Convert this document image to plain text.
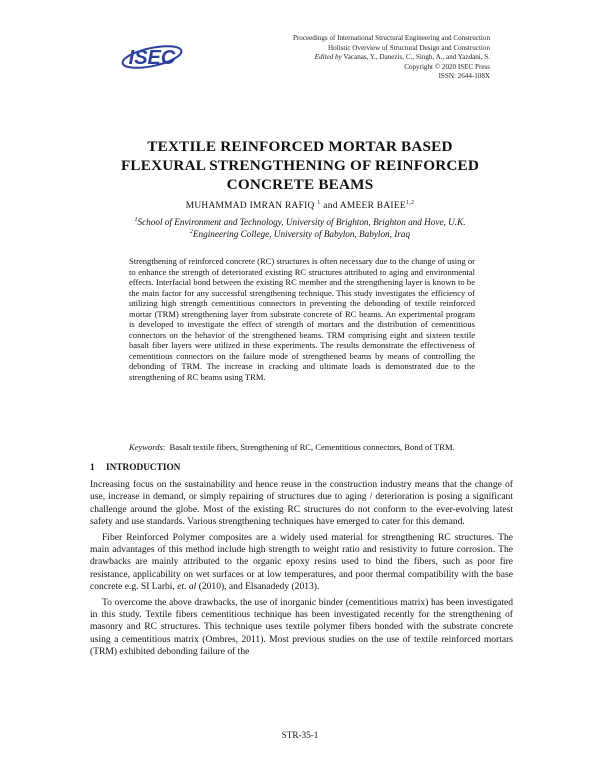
ISEC
Proceedings of International Structural Engineering and Construction
Holistic Overview of Structural Design and Construction
Edited by Vacanas, Y., Danezis, C., Singh, A., and Yazdani, S.
Copyright © 2020 ISEC Press
ISSN: 2644-108X
TEXTILE REINFORCED MORTAR BASED
FLEXURAL STRENGTHENING OF REINFORCED
CONCRETE BEAMS
MUHAMMAD IMRAN RAFIQ $^1$ and AMEER BAIEE$^{1,2}$
$^1$School of Environment and Technology, University of Brighton, Brighton and Hove, U.K.
$^2$Engineering College, University of Babylon, Babylon, Iraq
Strengthening of reinforced concrete (RC) structures is often necessary due to the change of using or to enhance the strength of deteriorated existing RC structures attributed to aging and environmental effects. Interfacial bond between the existing RC member and the strengthening layer is known to be the main factor for any successful strengthening technique. This study investigates the efficiency of utilizing high strength cementitious connectors in preventing the debonding of textile reinforced mortar (TRM) strengthening layer from substrate concrete of RC beams. An experimental program is developed to investigate the effect of strength of mortars and the distribution of cementitious connectors on the behavior of the strengthened beams. TRM comprising eight and sixteen textile basalt fiber layers were utilized in these experiments. The results demonstrate the effectiveness of cementitious connectors on the failure mode of strengthened beams by means of controlling the debonding of TRM. The increase in cracking and ultimate loads is demonstrated due to the strengthening of RC beams using TRM.
Keywords:  Basalt textile fibers, Strengthening of RC, Cementitious connectors, Bond of TRM.
1 INTRODUCTION

Increasing focus on the sustainability and hence reuse in the construction industry means that the change of use, increase in demand, or simply repairing of structures due to aging / deterioration is posing a significant challenge around the globe. Most of the existing RC structures do not conform to the ever-evolving latest safety and use standards. Various strengthening techniques have emerged to cater for this demand.

Fiber Reinforced Polymer composites are a widely used material for strengthening RC structures. The main advantages of this method include high strength to weight ratio and resistivity to future corrosion. The drawbacks are mainly attributed to the organic epoxy resins used to bind the fibers, such as poor fire resistance, applicability on wet surfaces or at low temperatures, and poor thermal compatibility with the base concrete e.g. SI Larbi, et. al (2010), and Elsanadedy (2013).

To overcome the above drawbacks, the use of inorganic binder (cementitious matrix) has been investigated in this study. Textile fibers cementitious technique has been investigated recently for the strengthening of masonry and RC structures. This technique uses textile polymer fibers bonded with the substrate concrete using a cementitious matrix (Ombres, 2011). Most previous studies on the use of textile reinforced mortars (TRM) exhibited debonding failure of the

STR-35-1
